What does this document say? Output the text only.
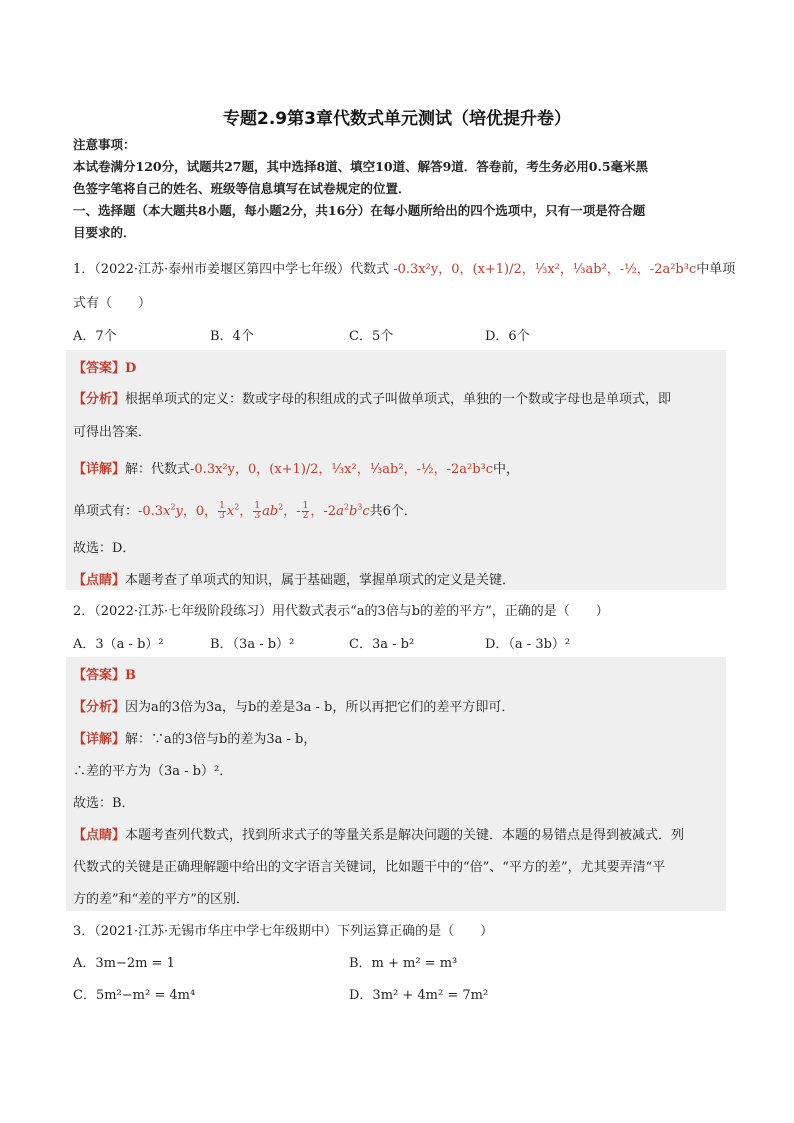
专题2.9第3章代数式单元测试（培优提升卷）
注意事项：
本试卷满分120分，试题共27题，其中选择8道、填空10道、解答9道．答卷前，考生务必用0.5毫米黑
色签字笔将自己的姓名、班级等信息填写在试卷规定的位置．
一、选择题（本大题共8小题，每小题2分，共16分）在每小题所给出的四个选项中，只有一项是符合题
目要求的．
1．（2022·江苏·泰州市姜堰区第四中学七年级）代数式 -0.3x²y，0，(x+1)/2，⅓x²，⅓ab²，-½，-2a²b³c中单项
式有（　　）
A．7个	B．4个	C．5个	D．6个
【答案】D
【分析】根据单项式的定义：数或字母的积组成的式子叫做单项式，单独的一个数或字母也是单项式，即
可得出答案．
【详解】解：代数式-0.3x²y，0，(x+1)/2，⅓x²，⅓ab²，-½，-2a²b³c中，
单项式有：$-0.3x^2y$，0， $\frac{1}{3} x^2$， $\frac{1}{3} ab^2$，- $\frac{1}{2}$ ，$-2a^2b^3c$共6个．
故选：D．
【点睛】本题考查了单项式的知识，属于基础题，掌握单项式的定义是关键．
2．（2022·江苏·七年级阶段练习）用代数式表示“a的3倍与b的差的平方”，正确的是（　　）
A．3（a - b）²	B．（3a - b）²	C．3a - b²	D．（a - 3b）²
【答案】B
【分析】因为a的3倍为3a，与b的差是3a - b，所以再把它们的差平方即可．
【详解】解：∵a的3倍与b的差为3a - b，
∴差的平方为（3a - b）²．
故选：B．
【点睛】本题考查列代数式，找到所求式子的等量关系是解决问题的关键．本题的易错点是得到被减式．列
代数式的关键是正确理解题中给出的文字语言关键词，比如题干中的“倍”、“平方的差”，尤其要弄清“平
方的差”和“差的平方”的区别．
3．（2021·江苏·无锡市华庄中学七年级期中）下列运算正确的是（　　）
A．3m−2m = 1	B．m + m² = m³
C．5m²−m² = 4m⁴	D．3m² + 4m² = 7m²
